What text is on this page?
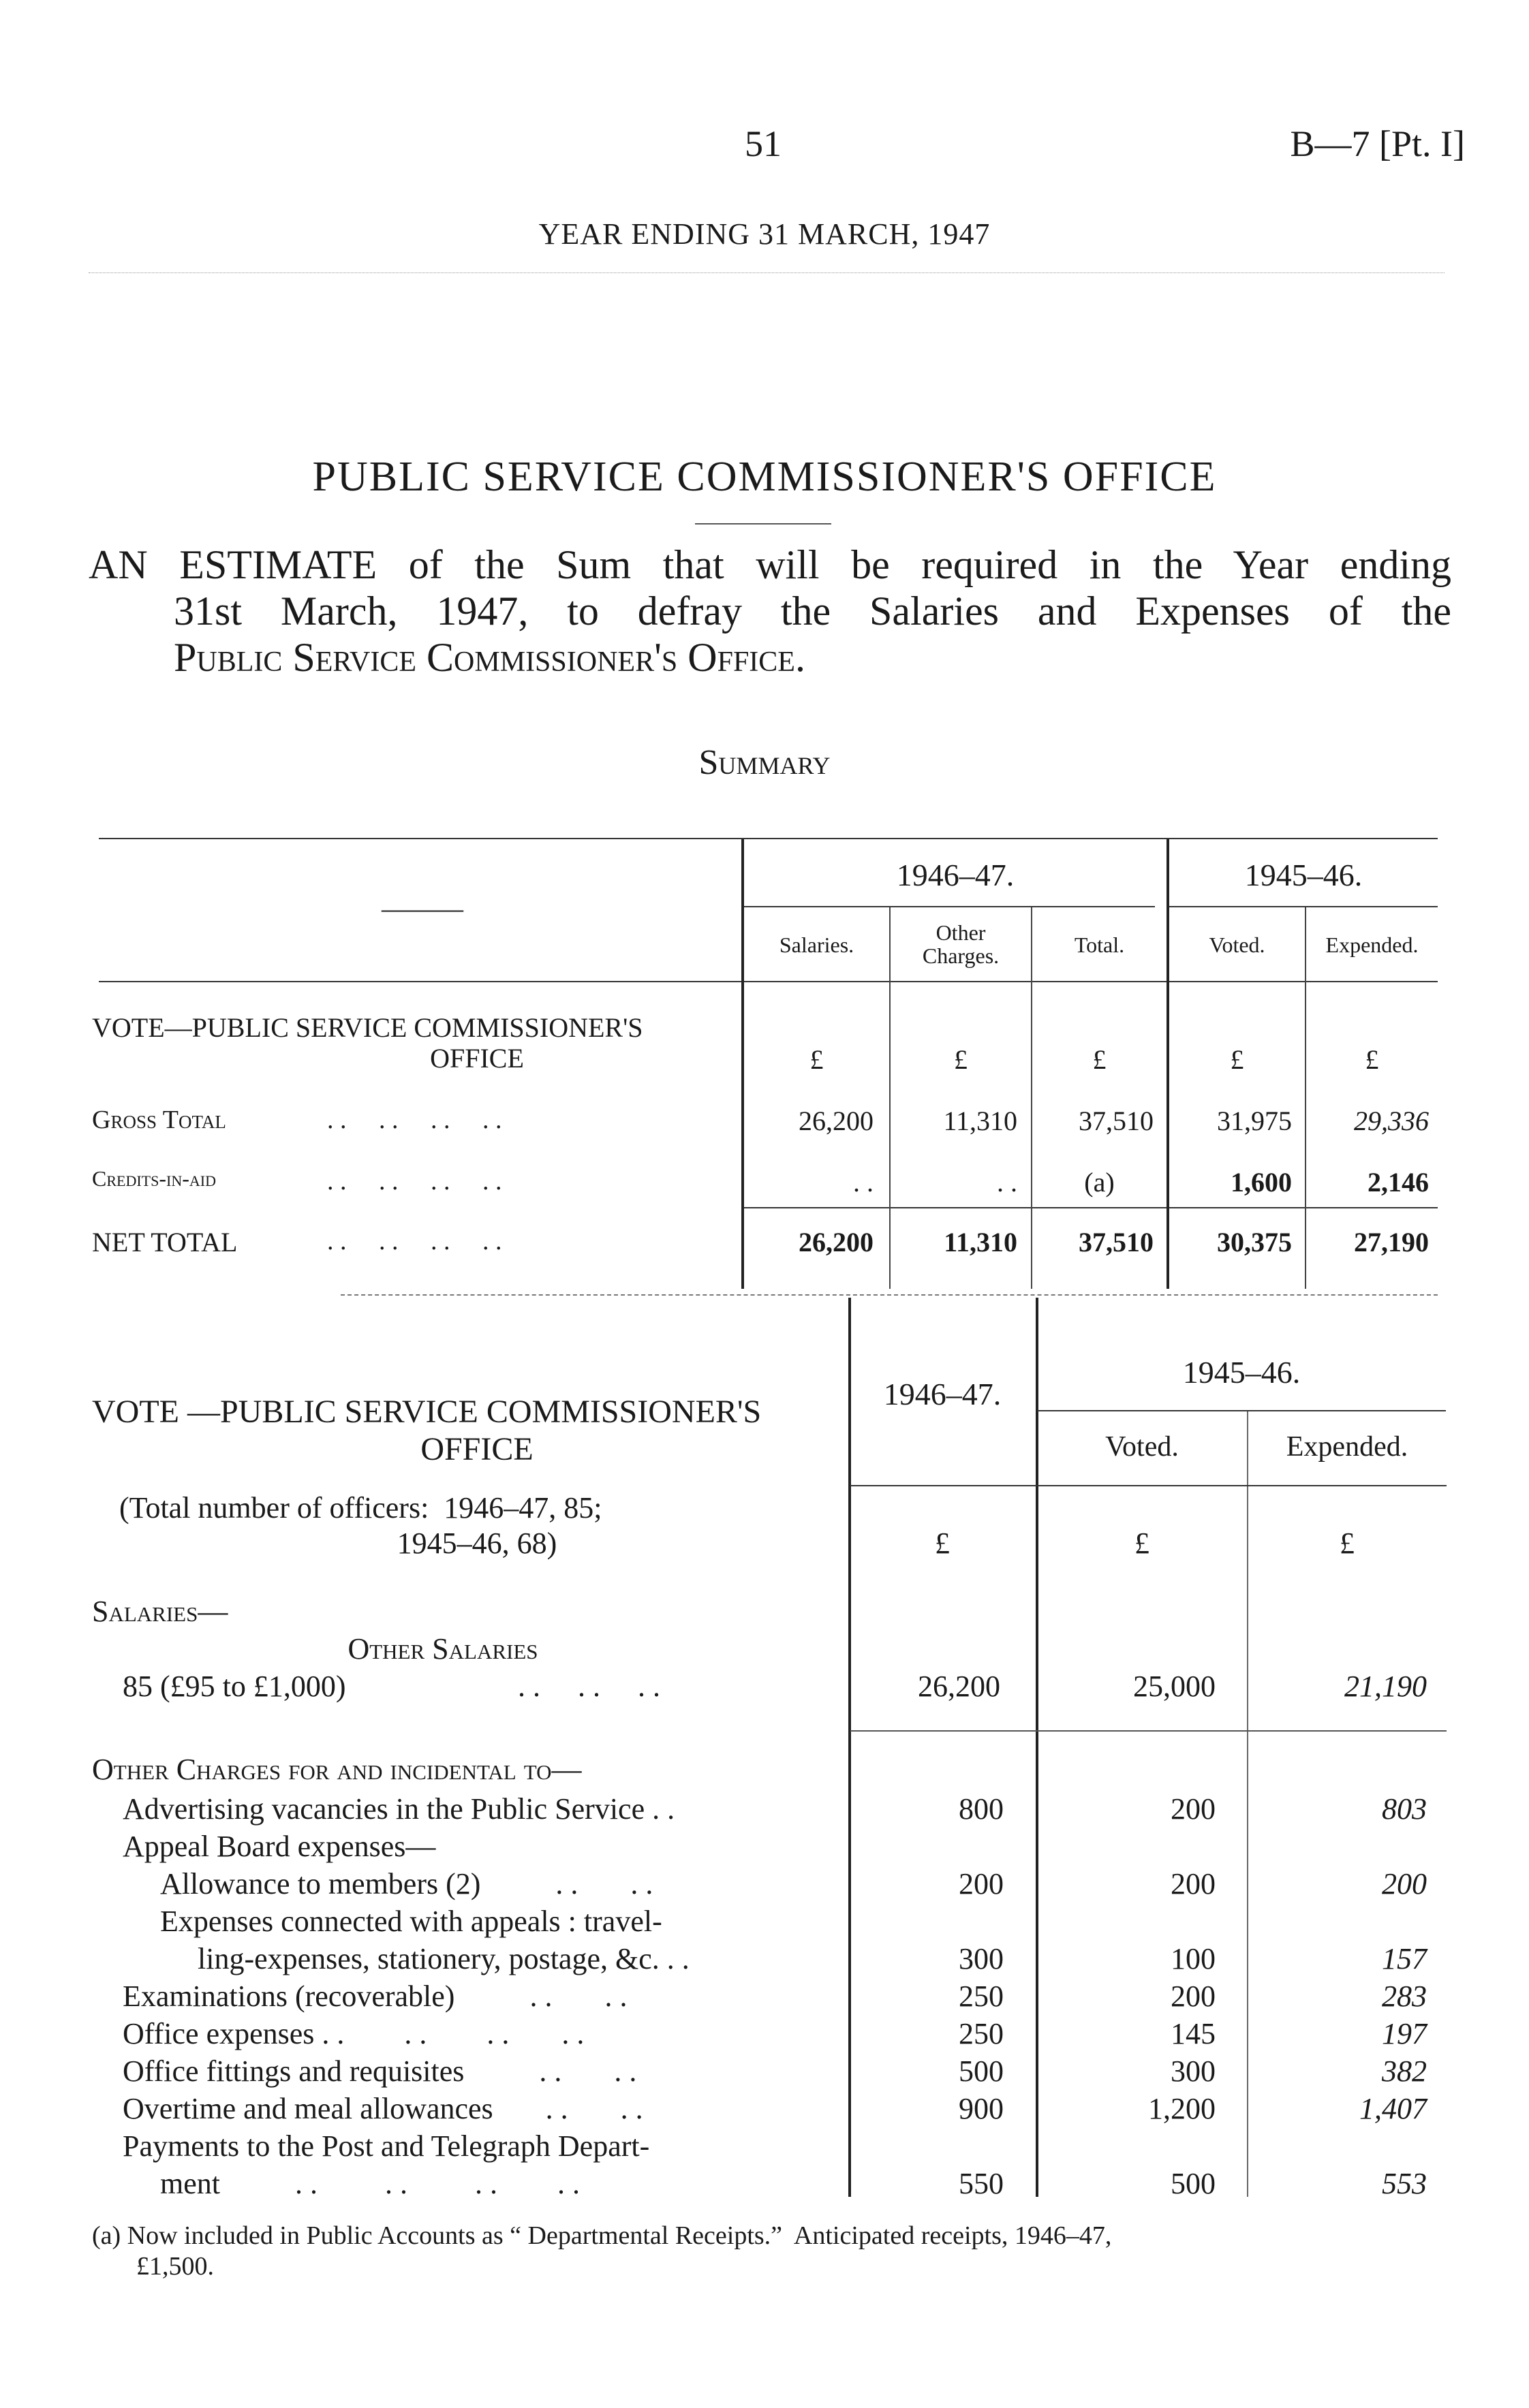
51	B—7 [Pt. I]
YEAR ENDING 31 MARCH, 1947
PUBLIC SERVICE COMMISSIONER'S OFFICE
AN ESTIMATE of the Sum that will be required in the Year ending
31st March, 1947, to defray the Salaries and Expenses of the
Public Service Commissioner's Office.
Summary
———
1946–47.	1945–46.
Salaries.	Other Charges.	Total.	Voted.	Expended.
VOTE—PUBLIC SERVICE COMMISSIONER'S
OFFICE	£	£	£	£	£
Gross Total	. .     . .     . .     . .	26,200	11,310	37,510	31,975	29,336
Credits-in-aid	. .     . .     . .     . .	. .	. .	(a)	1,600	2,146
NET TOTAL	. .     . .     . .     . .	26,200	11,310	37,510	30,375	27,190
1946–47.
1945–46.
Voted.	Expended.
VOTE —PUBLIC SERVICE COMMISSIONER'S
OFFICE
(Total number of officers:  1946–47, 85;
1945–46, 68)	£	£	£
Salaries—
Other Salaries
85 (£95 to £1,000)	. .     . .     . .	26,200	25,000	21,190
Other Charges for and incidental to—
Advertising vacancies in the Public Service . .	800	200	803
Appeal Board expenses—
Allowance to members (2)          . .       . .	200	200	200
Expenses connected with appeals : travel-
ling-expenses, stationery, postage, &c. . .	300	100	157
Examinations (recoverable)          . .       . .	250	200	283
Office expenses . .        . .        . .       . .	250	145	197
Office fittings and requisites          . .       . .	500	300	382
Overtime and meal allowances       . .       . .	900	1,200	1,407
Payments to the Post and Telegraph Depart-
ment          . .         . .         . .        . .	550	500	553
(a) Now included in Public Accounts as “ Departmental Receipts.”  Anticipated receipts, 1946–47,
£1,500.
